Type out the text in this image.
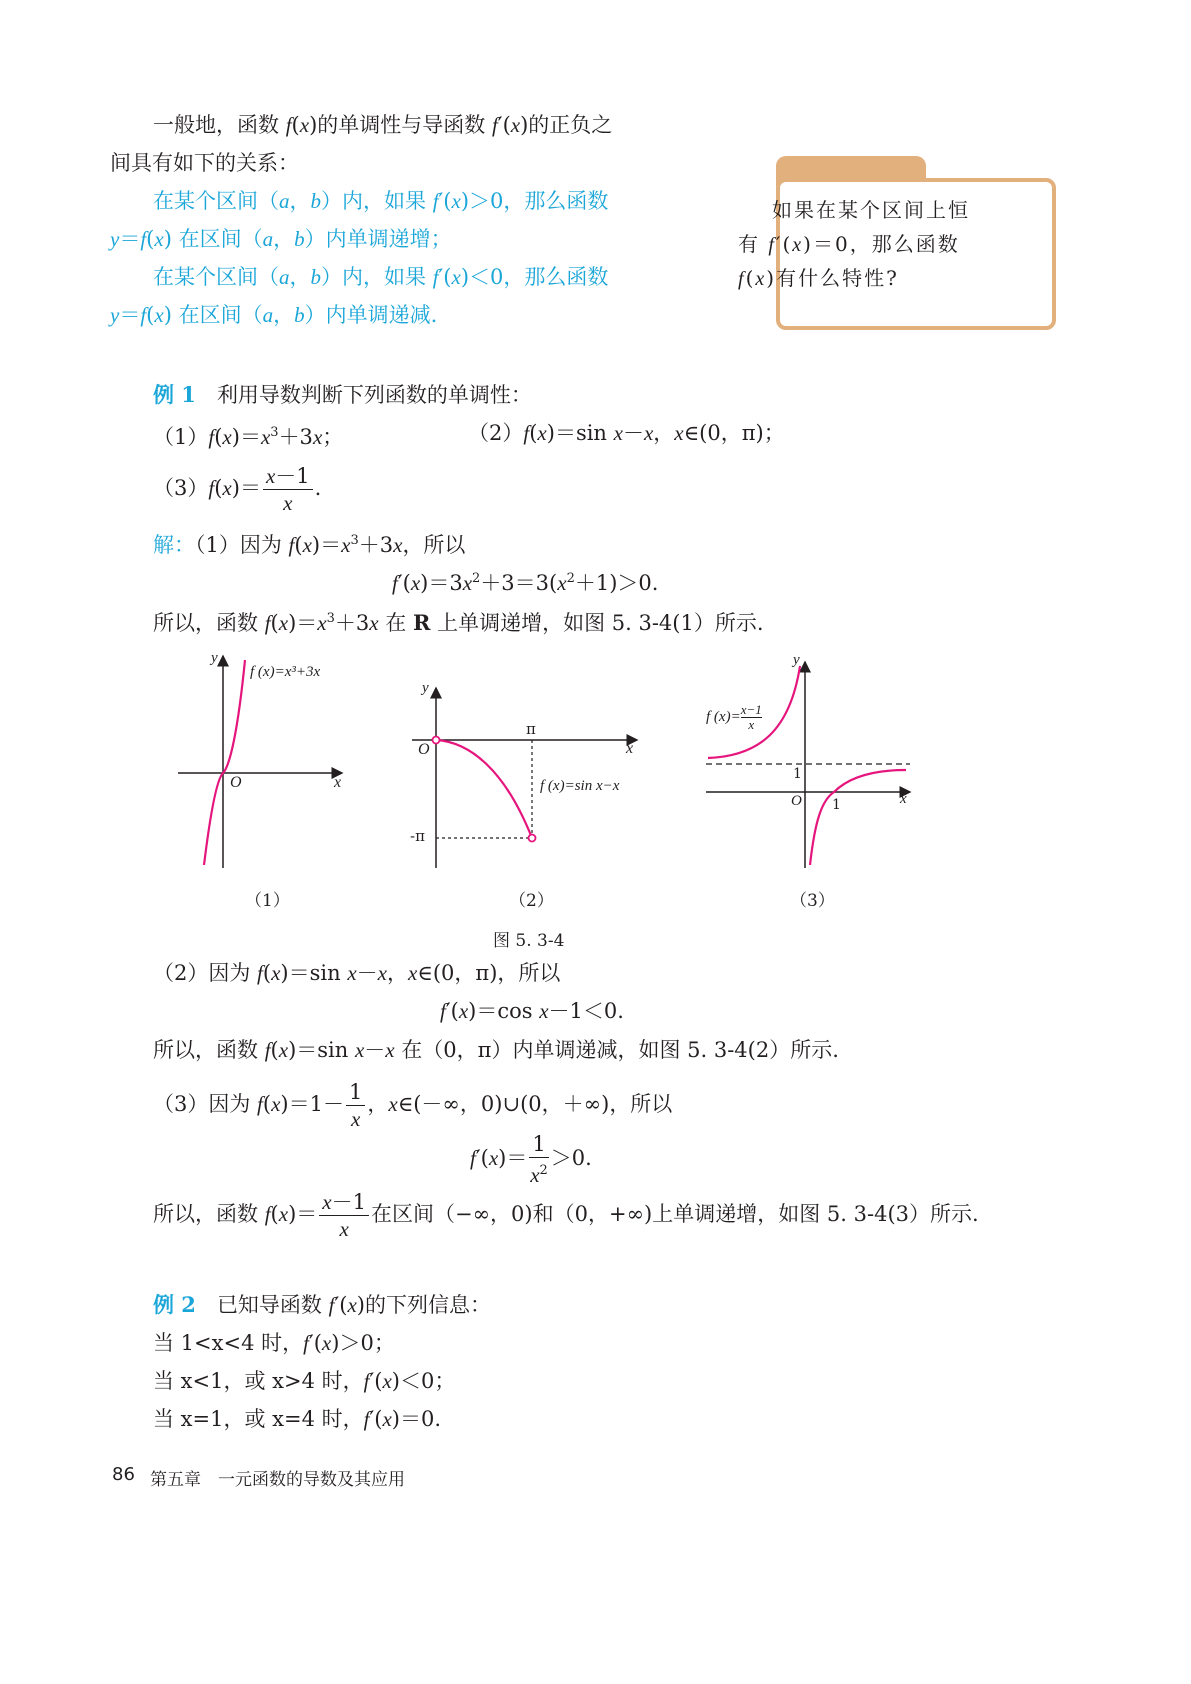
一般地，函数 f(x)的单调性与导函数 f′(x)的正负之
间具有如下的关系：
在某个区间（a，b）内，如果 f′(x)＞0，那么函数
y＝f(x) 在区间（a，b）内单调递增；
在某个区间（a，b）内，如果 f′(x)＜0，那么函数
y＝f(x) 在区间（a，b）内单调递减.
?
如果在某个区间上恒
有 f′(x)＝0，那么函数
f(x)有什么特性?
例 1　 利用导数判断下列函数的单调性：
$(1)f(x)=x^3+3x$；	（2）f(x)＝sin x－x，x∈(0，π)；
$(3)f(x)= \frac{x-1}{x}$ .
解：（1）因为 $f(x)=x^3+3x$，所以
$f'(x)=3x^2+3=3(x^2+1)>0$.
所以，函数 $f(x)=x^3+3x$ 在 R 上单调递增，如图 5. 3-4(1）所示.
y
x
O
f (x)=x³+3x
y
x
O
π
-π
f (x)=sin x−x
y
x
O
1
1
f $(x)= \frac{x-1}{x}$
（1）	（2）	（3）
图 5. 3-4
（2）因为 f(x)＝sin x－x，x∈(0，π)，所以
f′(x)＝cos x－1＜0.
所以，函数 f(x)＝sin x－x 在（0，π）内单调递减，如图 5. 3-4(2）所示.
（3）因为 $f(x)=1- \frac{1}{x}$ ，x∈(－∞，0)∪(0，＋∞)，所以
$f'(x)= \frac{1}{x^2} >0$.
所以，函数 $f(x)= \frac{x-1}{x}$ 在区间（−∞，0)和（0，+∞)上单调递增，如图 5. 3-4(3）所示.
例 2　 已知导函数 f′(x)的下列信息：
当 1<x<4 时，f′(x)＞0；
当 x<1，或 x>4 时，f′(x)＜0；
当 x=1，或 x=4 时，f′(x)＝0.
86 第五章　一元函数的导数及其应用
